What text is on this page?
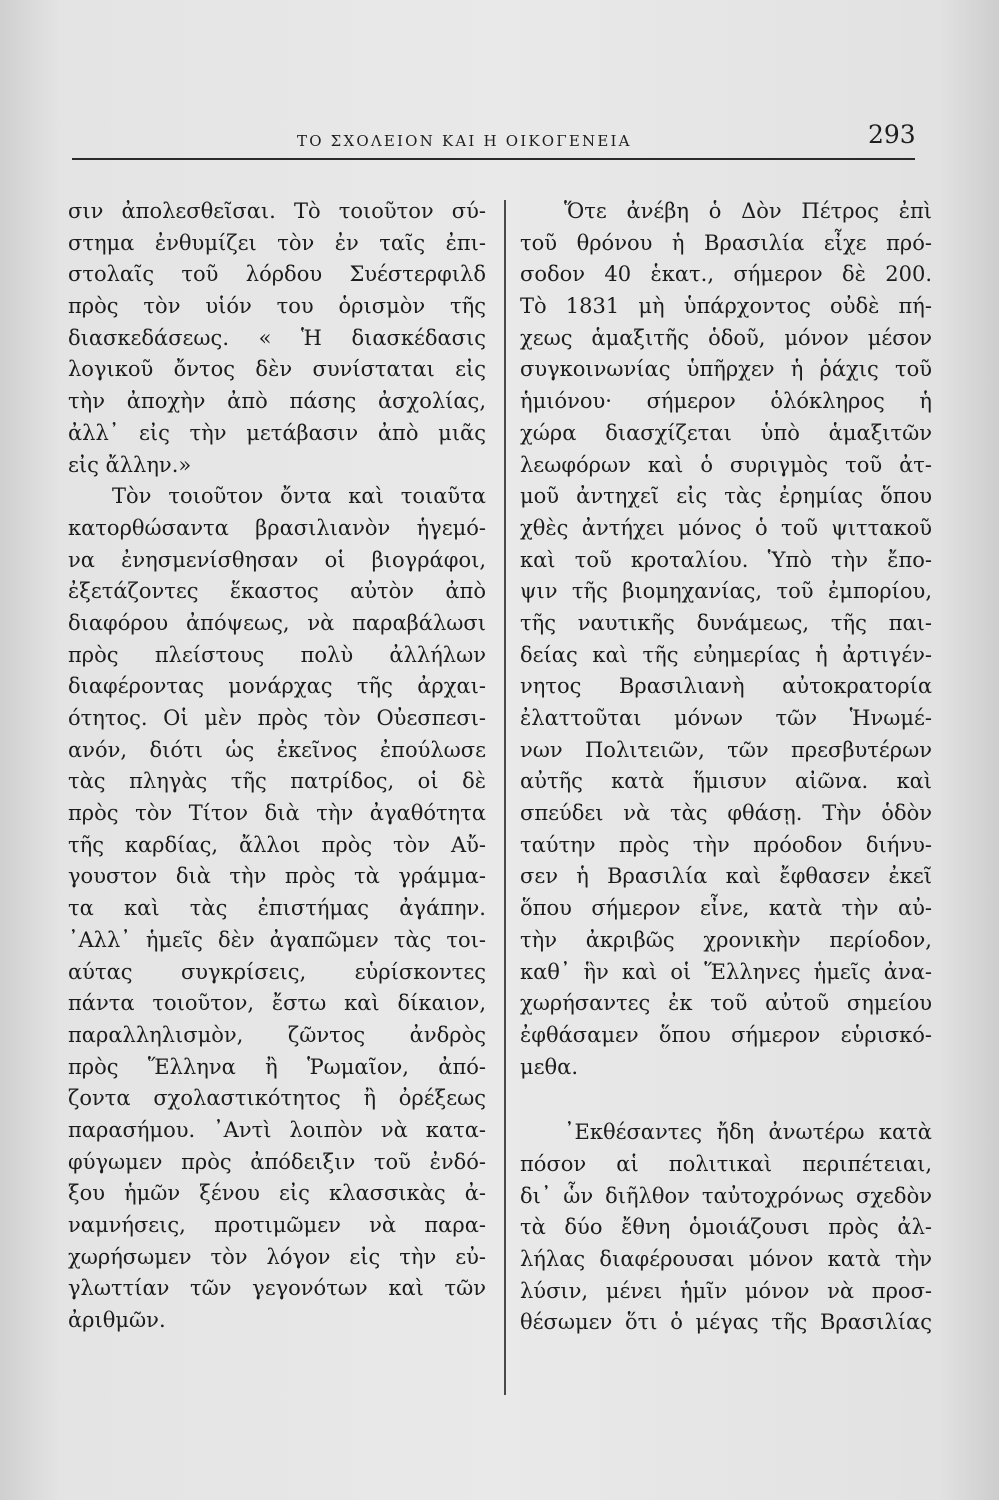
ΤΟ ΣΧΟΛΕΙΟΝ ΚΑΙ Η ΟΙΚΟΓΕΝΕΙΑ	293
σιν ἀπολεσθεῖσαι. Τὸ τοιοῦτον σύ-
στημα ἐνθυμίζει τὸν ἐν ταῖς ἐπι-
στολαῖς τοῦ λόρδου Συέστερφιλδ
πρὸς τὸν υἱόν του ὁρισμὸν τῆς
διασκεδάσεως. « Ἡ διασκέδασις
λογικοῦ ὄντος δὲν συνίσταται εἰς
τὴν ἀποχὴν ἀπὸ πάσης ἀσχολίας,
ἀλλ᾿ εἰς τὴν μετάβασιν ἀπὸ μιᾶς
εἰς ἄλλην.»
Τὸν τοιοῦτον ὄντα καὶ τοιαῦτα
κατορθώσαντα βρασιλιανὸν ἡγεμό-
να ἐνησμενίσθησαν οἱ βιογράφοι,
ἐξετάζοντες ἕκαστος αὐτὸν ἀπὸ
διαφόρου ἀπόψεως, νὰ παραβάλωσι
πρὸς πλείστους πολὺ ἀλλήλων
διαφέροντας μονάρχας τῆς ἀρχαι-
ότητος. Οἱ μὲν πρὸς τὸν Οὐεσπεσι-
ανόν, διότι ὡς ἐκεῖνος ἐπούλωσε
τὰς πληγὰς τῆς πατρίδος, οἱ δὲ
πρὸς τὸν Τίτον διὰ τὴν ἀγαθότητα
τῆς καρδίας, ἄλλοι πρὸς τὸν Αὔ-
γουστον διὰ τὴν πρὸς τὰ γράμμα-
τα καὶ τὰς ἐπιστήμας ἀγάπην.
᾿Αλλ᾿ ἡμεῖς δὲν ἀγαπῶμεν τὰς τοι-
αύτας συγκρίσεις, εὑρίσκοντες
πάντα τοιοῦτον, ἔστω καὶ δίκαιον,
παραλληλισμὸν, ζῶντος ἀνδρὸς
πρὸς Ἕλληνα ἢ Ῥωμαῖον, ἀπό-
ζοντα σχολαστικότητος ἢ ὀρέξεως
παρασήμου. ᾿Αντὶ λοιπὸν νὰ κατα-
φύγωμεν πρὸς ἀπόδειξιν τοῦ ἐνδό-
ξου ἡμῶν ξένου εἰς κλασσικὰς ἀ-
ναμνήσεις, προτιμῶμεν νὰ παρα-
χωρήσωμεν τὸν λόγον εἰς τὴν εὐ-
γλωττίαν τῶν γεγονότων καὶ τῶν
ἀριθμῶν.
Ὅτε ἀνέβη ὁ Δὸν Πέτρος ἐπὶ
τοῦ θρόνου ἡ Βρασιλία εἶχε πρό-
σοδον 40 ἑκατ., σήμερον δὲ 200.
Τὸ 1831 μὴ ὑπάρχοντος οὐδὲ πή-
χεως ἁμαξιτῆς ὁδοῦ, μόνον μέσον
συγκοινωνίας ὑπῆρχεν ἡ ῥάχις τοῦ
ἡμιόνου· σήμερον ὁλόκληρος ἡ
χώρα διασχίζεται ὑπὸ ἁμαξιτῶν
λεωφόρων καὶ ὁ συριγμὸς τοῦ ἀτ-
μοῦ ἀντηχεῖ εἰς τὰς ἐρημίας ὅπου
χθὲς ἀντήχει μόνος ὁ τοῦ ψιττακοῦ
καὶ τοῦ κροταλίου. Ὑπὸ τὴν ἔπο-
ψιν τῆς βιομηχανίας, τοῦ ἐμπορίου,
τῆς ναυτικῆς δυνάμεως, τῆς παι-
δείας καὶ τῆς εὐημερίας ἡ ἀρτιγέν-
νητος Βρασιλιανὴ αὐτοκρατορία
ἐλαττοῦται μόνων τῶν Ἡνωμέ-
νων Πολιτειῶν, τῶν πρεσβυτέρων
αὐτῆς κατὰ ἥμισυν αἰῶνα. καὶ
σπεύδει νὰ τὰς φθάσῃ. Τὴν ὁδὸν
ταύτην πρὸς τὴν πρόοδον διήνυ-
σεν ἡ Βρασιλία καὶ ἔφθασεν ἐκεῖ
ὅπου σήμερον εἶνε, κατὰ τὴν αὐ-
τὴν ἀκριβῶς χρονικὴν περίοδον,
καθ᾿ ἣν καὶ οἱ Ἕλληνες ἡμεῖς ἀνα-
χωρήσαντες ἐκ τοῦ αὐτοῦ σημείου
ἐφθάσαμεν ὅπου σήμερον εὑρισκό-
μεθα.
᾿Εκθέσαντες ἤδη ἀνωτέρω κατὰ
πόσον αἱ πολιτικαὶ περιπέτειαι,
δι᾿ ὧν διῆλθον ταὐτοχρόνως σχεδὸν
τὰ δύο ἔθνη ὁμοιάζουσι πρὸς ἀλ-
λήλας διαφέρουσαι μόνον κατὰ τὴν
λύσιν, μένει ἡμῖν μόνον νὰ προσ-
θέσωμεν ὅτι ὁ μέγας τῆς Βρασιλίας
